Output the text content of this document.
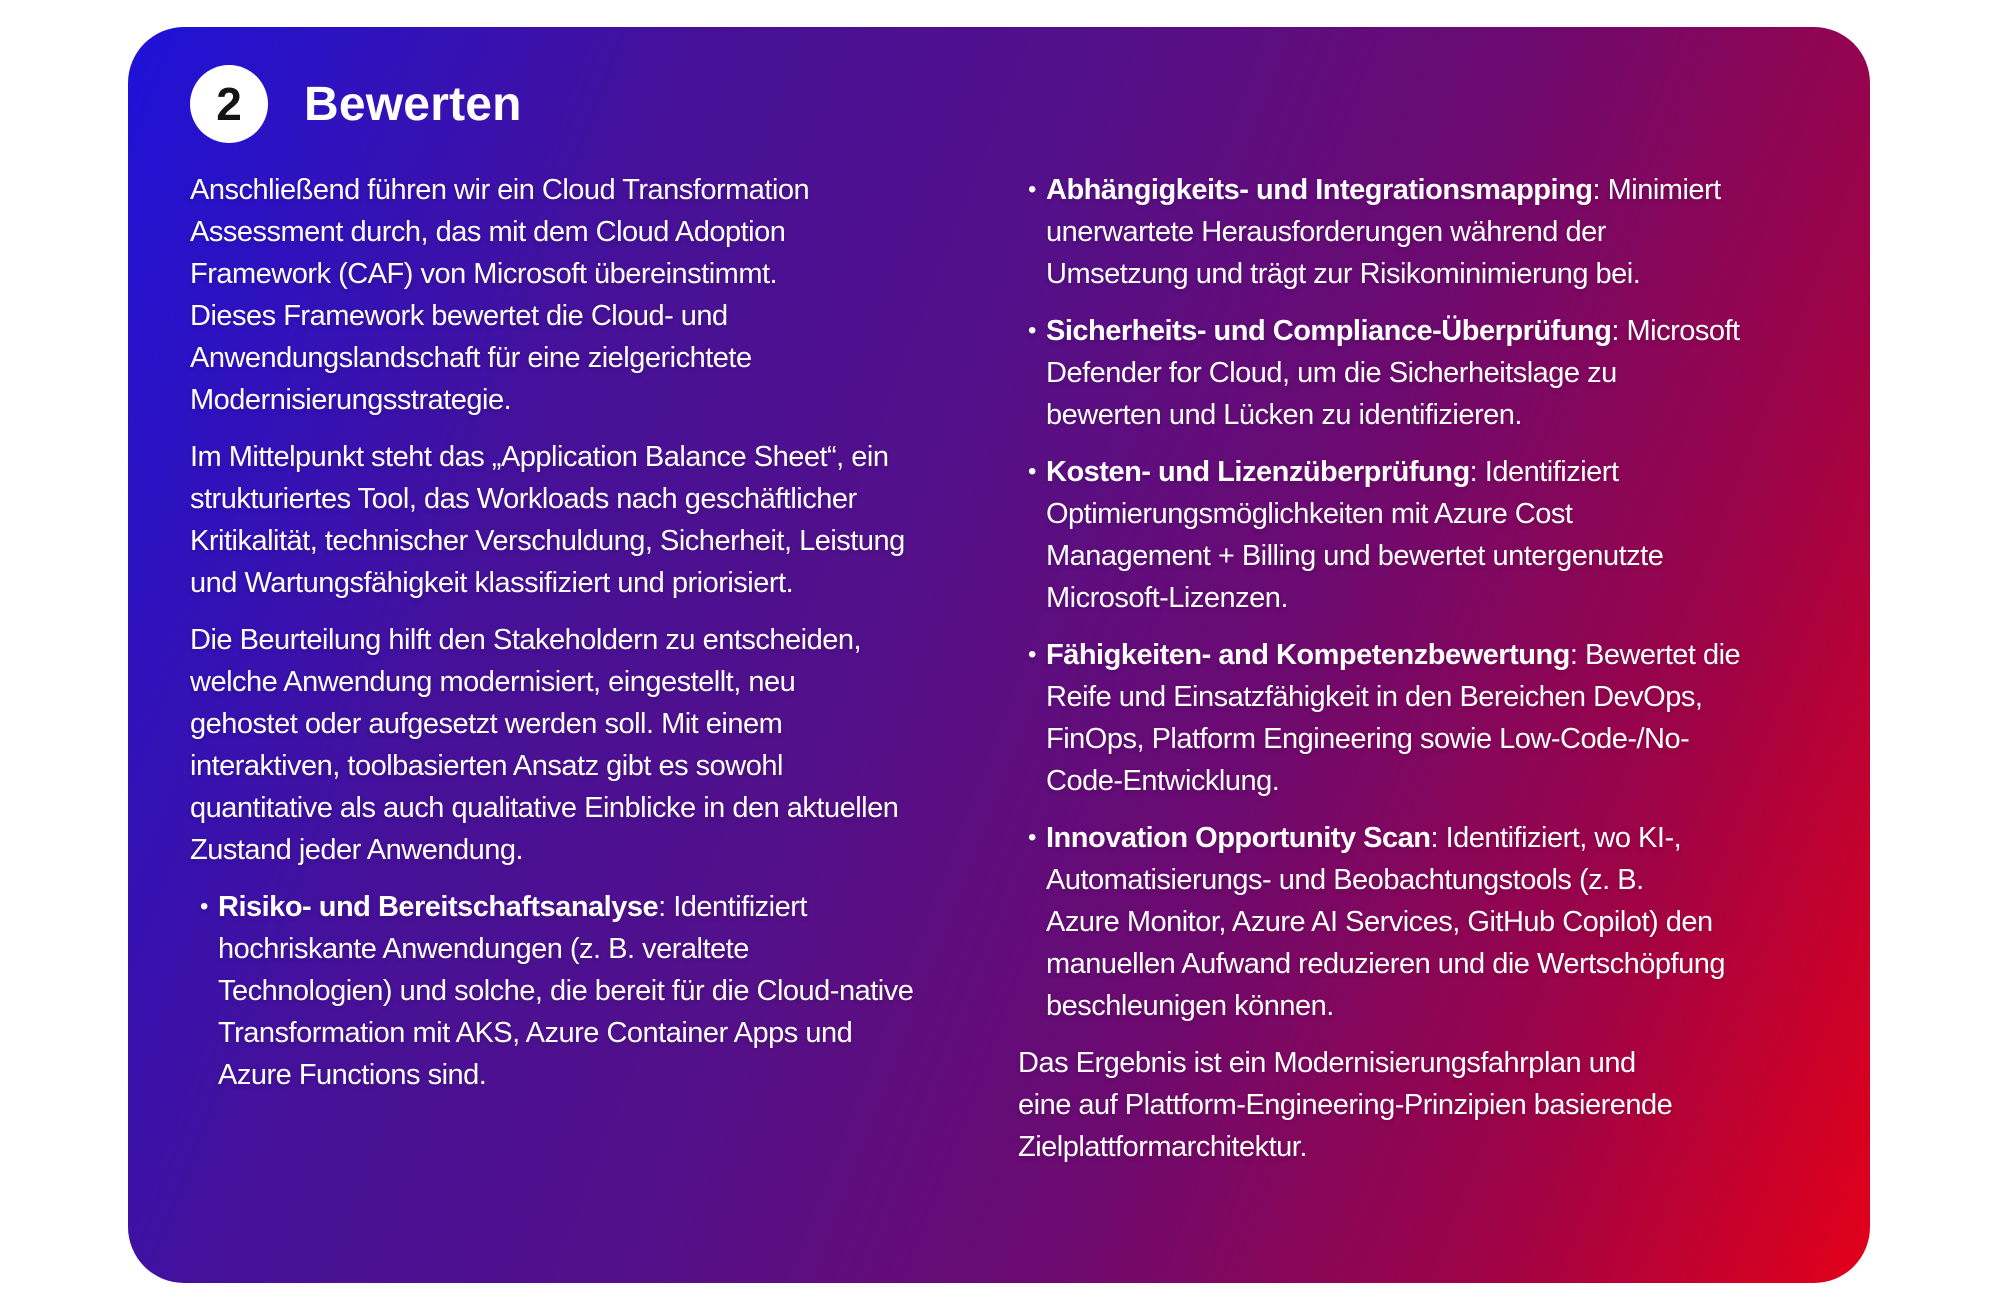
2 Bewerten
Anschließend führen wir ein Cloud Transformation
Assessment durch, das mit dem Cloud Adoption
Framework (CAF) von Microsoft übereinstimmt.
Dieses Framework bewertet die Cloud- und
Anwendungslandschaft für eine zielgerichtete
Modernisierungsstrategie.
Im Mittelpunkt steht das „Application Balance Sheet“, ein
strukturiertes Tool, das Workloads nach geschäftlicher
Kritikalität, technischer Verschuldung, Sicherheit, Leistung
und Wartungsfähigkeit klassifiziert und priorisiert.
Die Beurteilung hilft den Stakeholdern zu entscheiden,
welche Anwendung modernisiert, eingestellt, neu
gehostet oder aufgesetzt werden soll. Mit einem
interaktiven, toolbasierten Ansatz gibt es sowohl
quantitative als auch qualitative Einblicke in den aktuellen
Zustand jeder Anwendung.
• Risiko- und Bereitschaftsanalyse: Identifiziert
hochriskante Anwendungen (z. B. veraltete
Technologien) und solche, die bereit für die Cloud-native
Transformation mit AKS, Azure Container Apps und
Azure Functions sind.
• Abhängigkeits- und Integrationsmapping: Minimiert
unerwartete Herausforderungen während der
Umsetzung und trägt zur Risikominimierung bei.
• Sicherheits- und Compliance-Überprüfung: Microsoft
Defender for Cloud, um die Sicherheitslage zu
bewerten und Lücken zu identifizieren.
• Kosten- und Lizenzüberprüfung: Identifiziert
Optimierungsmöglichkeiten mit Azure Cost
Management + Billing und bewertet untergenutzte
Microsoft-Lizenzen.
• Fähigkeiten- and Kompetenzbewertung: Bewertet die
Reife und Einsatzfähigkeit in den Bereichen DevOps,
FinOps, Platform Engineering sowie Low-Code-/No-
Code-Entwicklung.
• Innovation Opportunity Scan: Identifiziert, wo KI-,
Automatisierungs- und Beobachtungstools (z. B.
Azure Monitor, Azure AI Services, GitHub Copilot) den
manuellen Aufwand reduzieren und die Wertschöpfung
beschleunigen können.
Das Ergebnis ist ein Modernisierungsfahrplan und
eine auf Plattform-Engineering-Prinzipien basierende
Zielplattformarchitektur.
